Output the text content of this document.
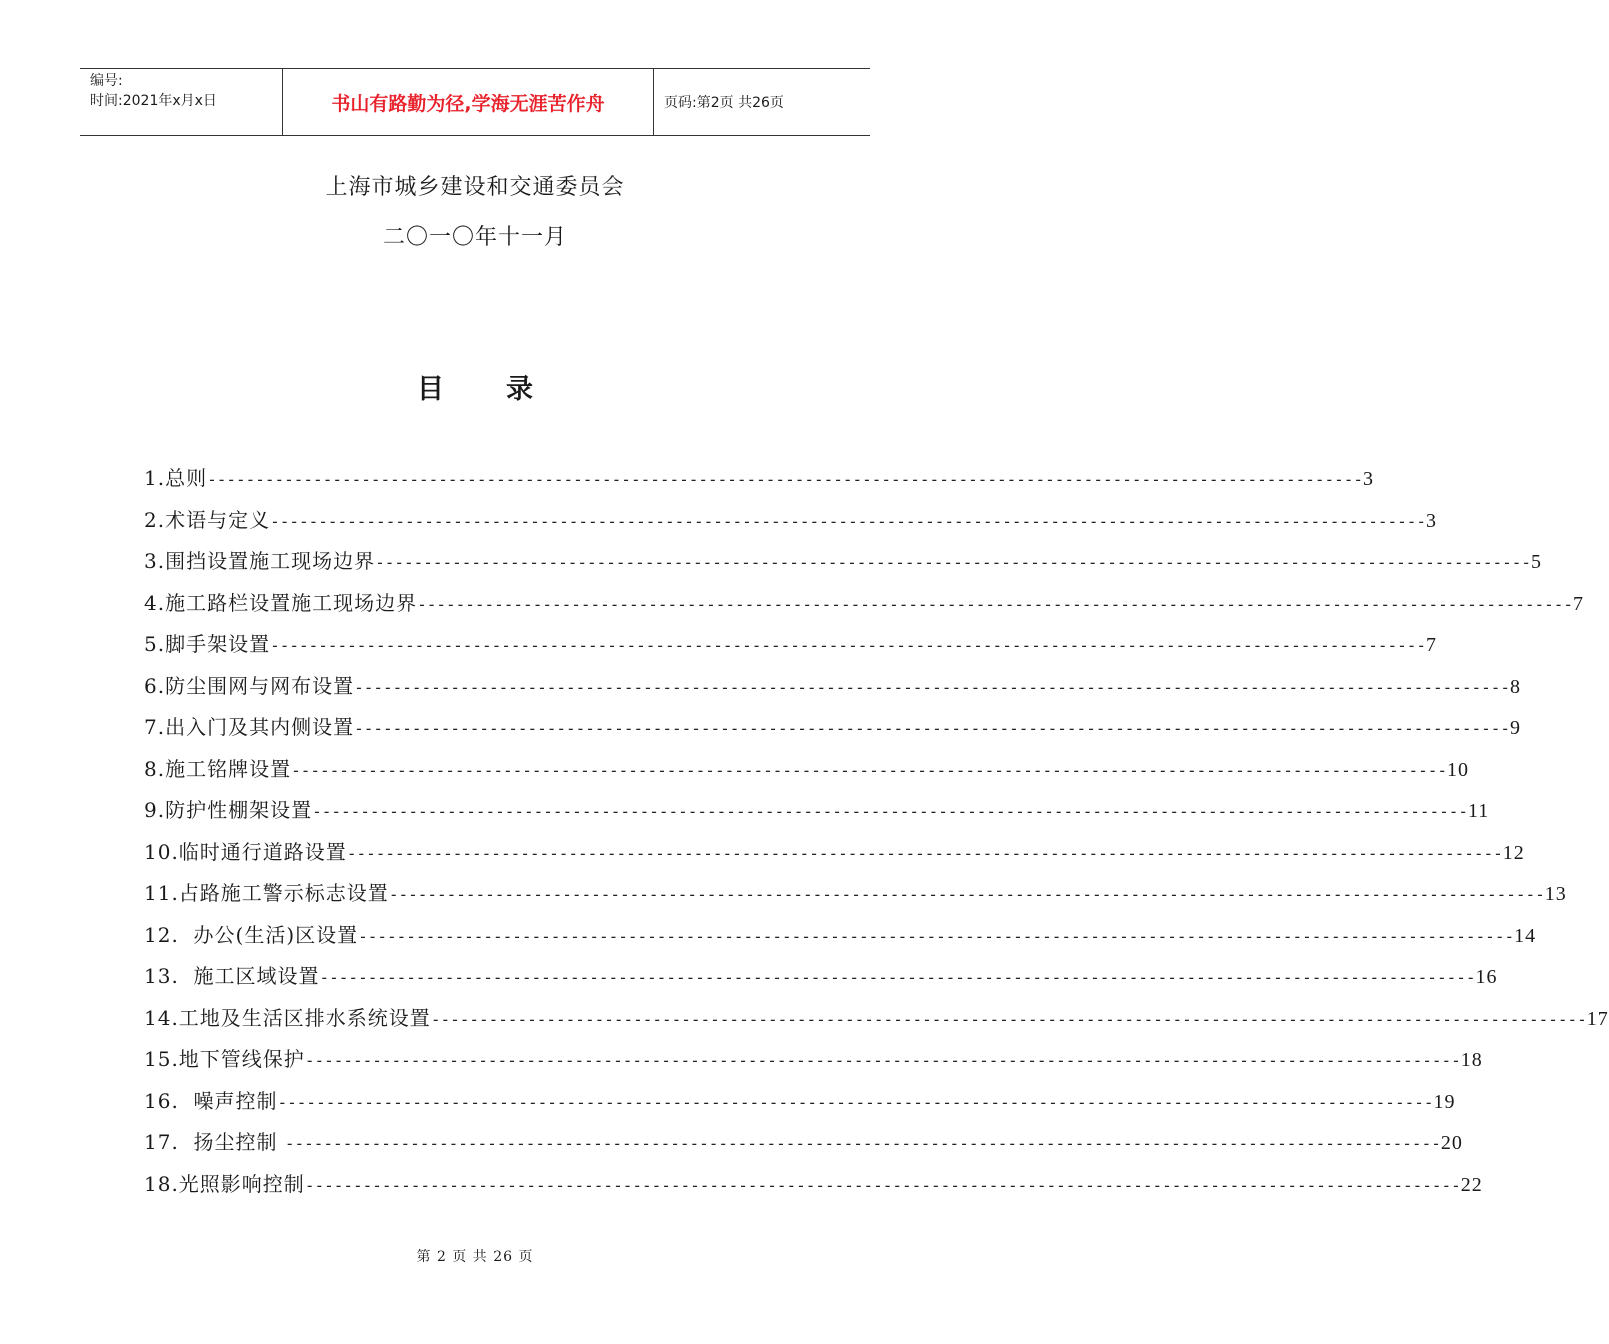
编号:
时间:2021年x月x日	书山有路勤为径,学海无涯苦作舟	页码:第2页 共26页
上海市城乡建设和交通委员会
二〇一〇年十一月
目 录
1.总则 ------------------------------------------------------------------------------------------------------------------------ 3
2.术语与定义 ------------------------------------------------------------------------------------------------------------------------ 3
3.围挡设置施工现场边界 ------------------------------------------------------------------------------------------------------------------------ 5
4.施工路栏设置施工现场边界 ------------------------------------------------------------------------------------------------------------------------ 7
5.脚手架设置 ------------------------------------------------------------------------------------------------------------------------ 7
6.防尘围网与网布设置 ------------------------------------------------------------------------------------------------------------------------ 8
7.出入门及其内侧设置 ------------------------------------------------------------------------------------------------------------------------ 9
8.施工铭牌设置 ------------------------------------------------------------------------------------------------------------------------ 10
9.防护性棚架设置 ------------------------------------------------------------------------------------------------------------------------ 11
10.临时通行道路设置 ------------------------------------------------------------------------------------------------------------------------ 12
11.占路施工警示标志设置 ------------------------------------------------------------------------------------------------------------------------ 13
12.  办公(生活)区设置 ------------------------------------------------------------------------------------------------------------------------ 14
13.  施工区域设置 ------------------------------------------------------------------------------------------------------------------------ 16
14.工地及生活区排水系统设置 ------------------------------------------------------------------------------------------------------------------------ 17
15.地下管线保护 ------------------------------------------------------------------------------------------------------------------------ 18
16.  噪声控制 ------------------------------------------------------------------------------------------------------------------------ 19
17.  扬尘控制 ------------------------------------------------------------------------------------------------------------------------ 20
18.光照影响控制 ------------------------------------------------------------------------------------------------------------------------ 22
第 2 页 共 26 页
